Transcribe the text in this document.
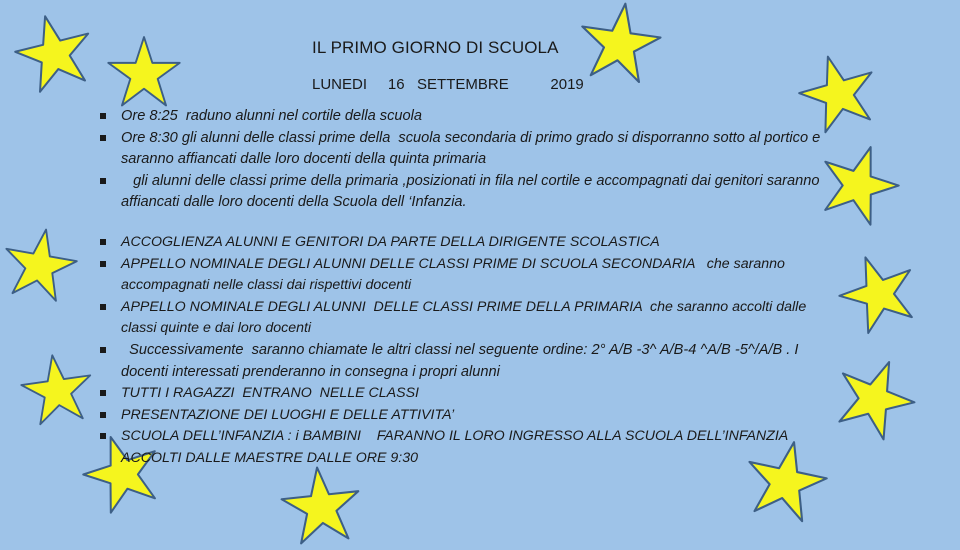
IL PRIMO GIORNO DI SCUOLA
LUNEDI     16   SETTEMBRE          2019
Ore 8:25  raduno alunni nel cortile della scuola
Ore 8:30 gli alunni delle classi prime della  scuola secondaria di primo grado si disporranno sotto al portico e saranno affiancati dalle loro docenti della quinta primaria
gli alunni delle classi prime della primaria ,posizionati in fila nel cortile e accompagnati dai genitori saranno affiancati dalle loro docenti della Scuola dell ‘Infanzia.
ACCOGLIENZA ALUNNI E GENITORI DA PARTE DELLA DIRIGENTE SCOLASTICA
APPELLO NOMINALE DEGLI ALUNNI DELLE CLASSI PRIME DI SCUOLA SECONDARIA   che saranno accompagnati nelle classi dai rispettivi docenti
APPELLO NOMINALE DEGLI ALUNNI  DELLE CLASSI PRIME DELLA PRIMARIA  che saranno accolti dalle classi quinte e dai loro docenti
Successivamente  saranno chiamate le altri classi nel seguente ordine: 2° A/B -3^ A/B-4 ^A/B -5^/A/B . I docenti interessati prenderanno in consegna i propri alunni
TUTTI I RAGAZZI  ENTRANO  NELLE CLASSI
PRESENTAZIONE DEI LUOGHI E DELLE ATTIVITA’
SCUOLA DELL’INFANZIA : i BAMBINI    FARANNO IL LORO INGRESSO ALLA SCUOLA DELL’INFANZIA ACCOLTI DALLE MAESTRE DALLE ORE 9:30
